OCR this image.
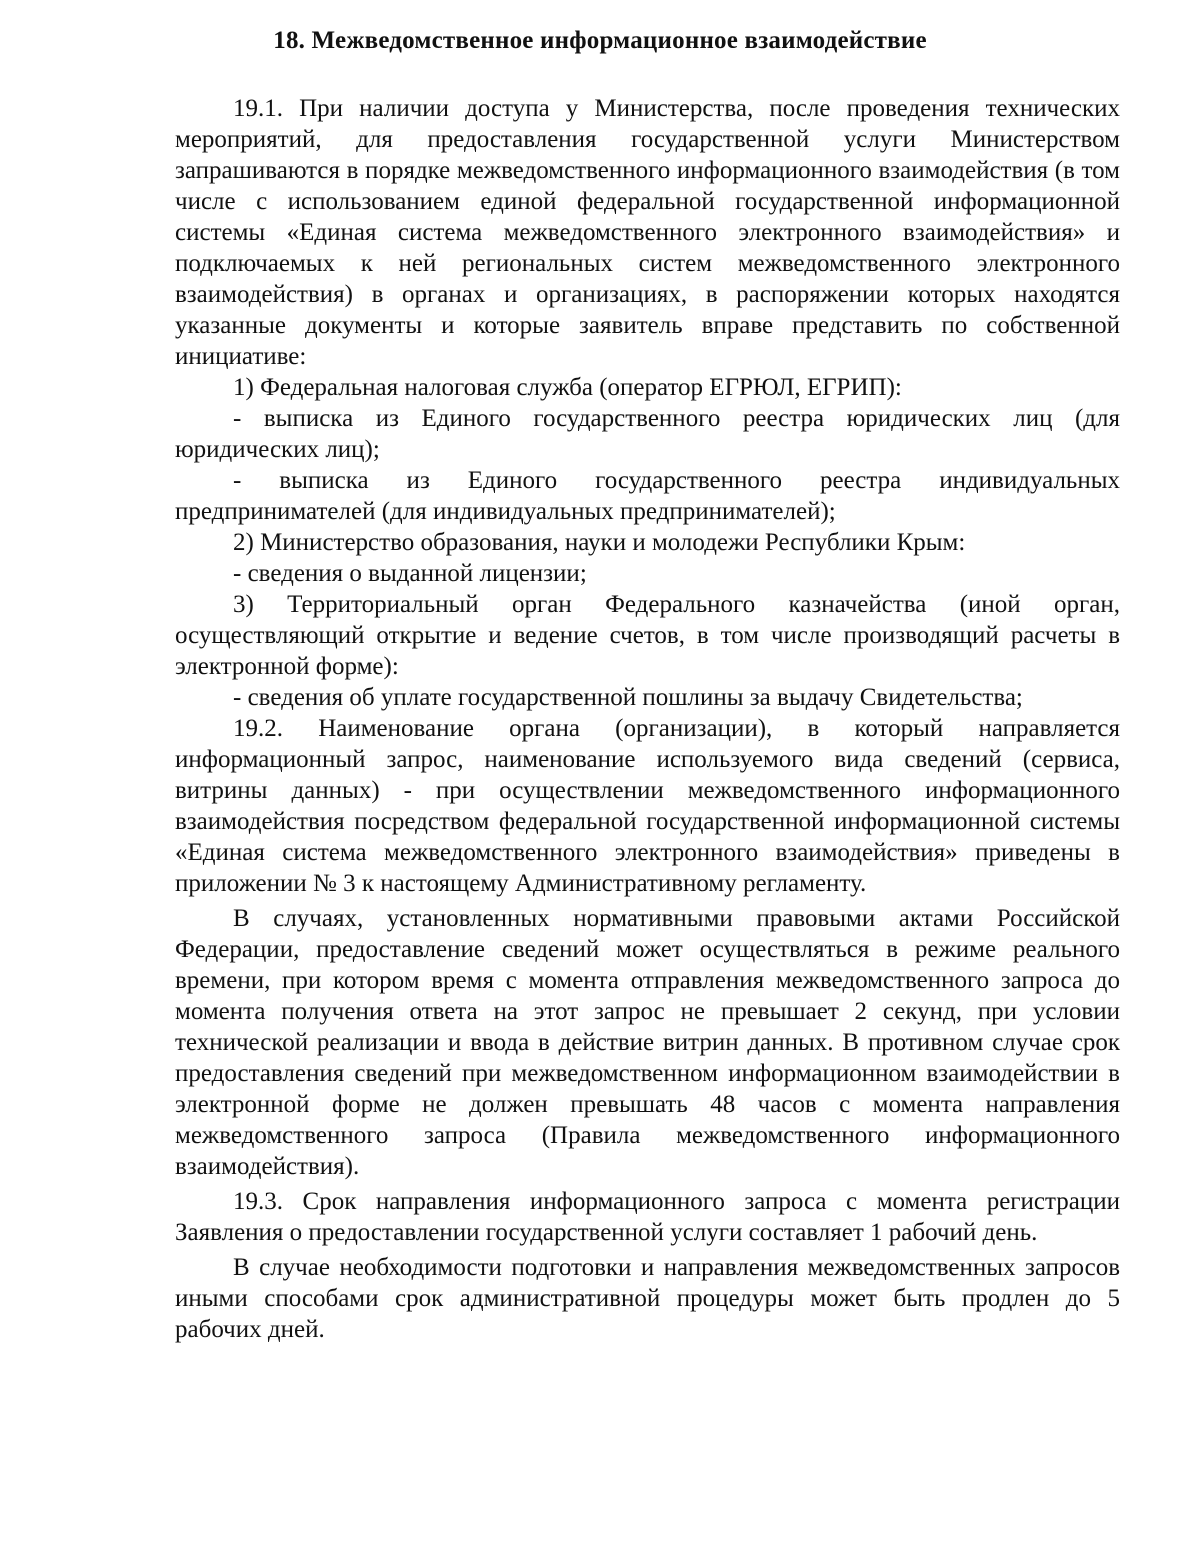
18. Межведомственное информационное взаимодействие

19.1. При наличии доступа у Министерства, после проведения технических мероприятий, для предоставления государственной услуги Министерством запрашиваются в порядке межведомственного информационного взаимодействия (в том числе с использованием единой федеральной государственной информационной системы «Единая система межведомственного электронного взаимодействия» и подключаемых к ней региональных систем межведомственного электронного взаимодействия) в органах и организациях, в распоряжении которых находятся указанные документы и которые заявитель вправе представить по собственной инициативе:

1) Федеральная налоговая служба (оператор ЕГРЮЛ, ЕГРИП):

- выписка из Единого государственного реестра юридических лиц (для юридических лиц);

- выписка из Единого государственного реестра индивидуальных предпринимателей (для индивидуальных предпринимателей);

2) Министерство образования, науки и молодежи Республики Крым:

- сведения о выданной лицензии;

3) Территориальный орган Федерального казначейства (иной орган, осуществляющий открытие и ведение счетов, в том числе производящий расчеты в электронной форме):

- сведения об уплате государственной пошлины за выдачу Свидетельства;

19.2. Наименование органа (организации), в который направляется информационный запрос, наименование используемого вида сведений (сервиса, витрины данных) - при осуществлении межведомственного информационного взаимодействия посредством федеральной государственной информационной системы «Единая система межведомственного электронного взаимодействия» приведены в приложении № 3 к настоящему Административному регламенту.

В случаях, установленных нормативными правовыми актами Российской Федерации, предоставление сведений может осуществляться в режиме реального времени, при котором время с момента отправления межведомственного запроса до момента получения ответа на этот запрос не превышает 2 секунд, при условии технической реализации и ввода в действие витрин данных. В противном случае срок предоставления сведений при межведомственном информационном взаимодействии в электронной форме не должен превышать 48 часов с момента направления межведомственного запроса (Правила межведомственного информационного взаимодействия).

19.3. Срок направления информационного запроса с момента регистрации Заявления о предоставлении государственной услуги составляет 1 рабочий день.

В случае необходимости подготовки и направления межведомственных запросов иными способами срок административной процедуры может быть продлен до 5 рабочих дней.
